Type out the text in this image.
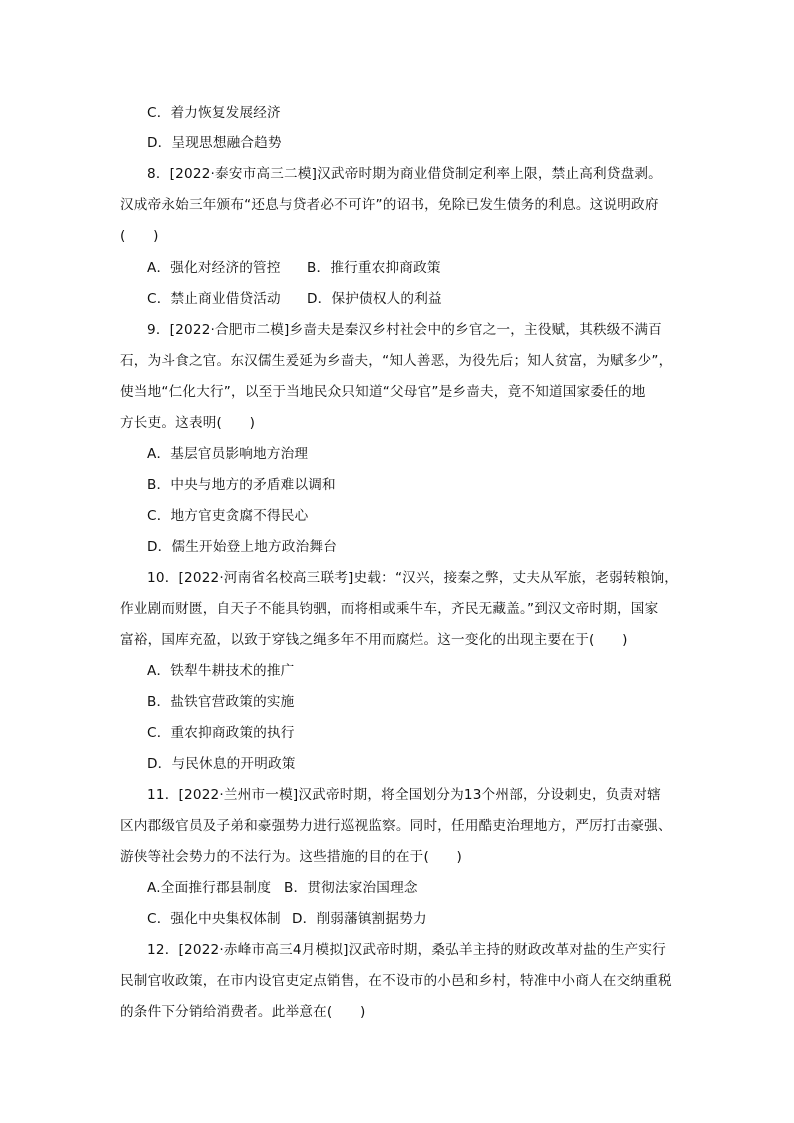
C．着力恢复发展经济
D．呈现思想融合趋势
8．[2022·泰安市高三二模]汉武帝时期为商业借贷制定利率上限，禁止高利贷盘剥。
汉成帝永始三年颁布“还息与贷者必不可许”的诏书，免除已发生债务的利息。这说明政府
(　　)
A．强化对经济的管控 B．推行重农抑商政策
C．禁止商业借贷活动 D．保护债权人的利益
9．[2022·合肥市二模]乡啬夫是秦汉乡村社会中的乡官之一，主役赋，其秩级不满百
石，为斗食之官。东汉儒生爰延为乡啬夫，“知人善恶，为役先后；知人贫富，为赋多少”，
使当地“仁化大行”，以至于当地民众只知道“父母官”是乡啬夫，竟不知道国家委任的地
方长吏。这表明(　　)
A．基层官员影响地方治理
B．中央与地方的矛盾难以调和
C．地方官吏贪腐不得民心
D．儒生开始登上地方政治舞台
10．[2022·河南省名校高三联考]史载：“汉兴，接秦之弊，丈夫从军旅，老弱转粮饷，
作业剧而财匮，自天子不能具钧驷，而将相或乘牛车，齐民无藏盖。”到汉文帝时期，国家
富裕，国库充盈，以致于穿钱之绳多年不用而腐烂。这一变化的出现主要在于(　　)
A．铁犁牛耕技术的推广
B．盐铁官营政策的实施
C．重农抑商政策的执行
D．与民休息的开明政策
11．[2022·兰州市一模]汉武帝时期，将全国划分为13个州部，分设刺史，负责对辖
区内郡级官员及子弟和豪强势力进行巡视监察。同时，任用酷吏治理地方，严厉打击豪强、
游侠等社会势力的不法行为。这些措施的目的在于(　　)
A.全面推行郡县制度 B．贯彻法家治国理念
C．强化中央集权体制 D．削弱藩镇割据势力
12．[2022·赤峰市高三4月模拟]汉武帝时期，桑弘羊主持的财政改革对盐的生产实行
民制官收政策，在市内设官吏定点销售，在不设市的小邑和乡村，特准中小商人在交纳重税
的条件下分销给消费者。此举意在(　　)
